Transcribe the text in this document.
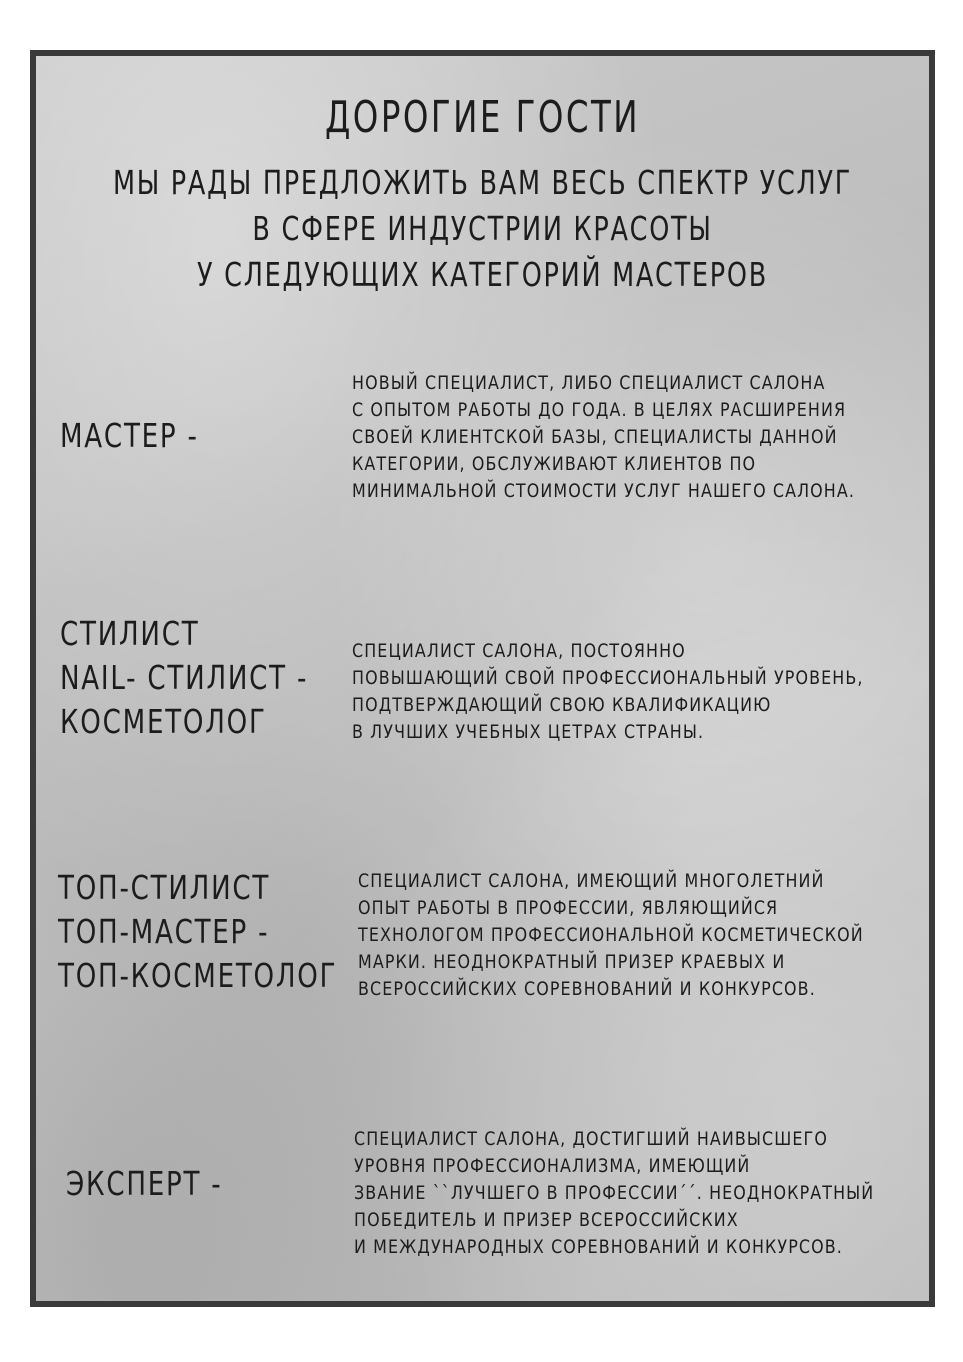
ДОРОГИЕ ГОСТИ
МЫ РАДЫ ПРЕДЛОЖИТЬ ВАМ ВЕСЬ СПЕКТР УСЛУГ
В СФЕРЕ ИНДУСТРИИ КРАСОТЫ
У СЛЕДУЮЩИХ КАТЕГОРИЙ МАСТЕРОВ
МАСТЕР -
НОВЫЙ СПЕЦИАЛИСТ, ЛИБО СПЕЦИАЛИСТ САЛОНА
С ОПЫТОМ РАБОТЫ ДО ГОДА. В ЦЕЛЯХ РАСШИРЕНИЯ
СВОЕЙ КЛИЕНТСКОЙ БАЗЫ, СПЕЦИАЛИСТЫ ДАННОЙ
КАТЕГОРИИ, ОБСЛУЖИВАЮТ КЛИЕНТОВ ПО
МИНИМАЛЬНОЙ СТОИМОСТИ УСЛУГ НАШЕГО САЛОНА.
СТИЛИСТ
NAIL- СТИЛИСТ -
КОСМЕТОЛОГ
СПЕЦИАЛИСТ САЛОНА, ПОСТОЯННО
ПОВЫШАЮЩИЙ СВОЙ ПРОФЕССИОНАЛЬНЫЙ УРОВЕНЬ,
ПОДТВЕРЖДАЮЩИЙ СВОЮ КВАЛИФИКАЦИЮ
В ЛУЧШИХ УЧЕБНЫХ ЦЕТРАХ СТРАНЫ.
ТОП-СТИЛИСТ
ТОП-МАСТЕР -
ТОП-КОСМЕТОЛОГ
СПЕЦИАЛИСТ САЛОНА, ИМЕЮЩИЙ МНОГОЛЕТНИЙ
ОПЫТ РАБОТЫ В ПРОФЕССИИ, ЯВЛЯЮЩИЙСЯ
ТЕХНОЛОГОМ ПРОФЕССИОНАЛЬНОЙ КОСМЕТИЧЕСКОЙ
МАРКИ. НЕОДНОКРАТНЫЙ ПРИЗЕР КРАЕВЫХ И
ВСЕРОССИЙСКИХ СОРЕВНОВАНИЙ И КОНКУРСОВ.
ЭКСПЕРТ -
СПЕЦИАЛИСТ САЛОНА, ДОСТИГШИЙ НАИВЫСШЕГО
УРОВНЯ ПРОФЕССИОНАЛИЗМА, ИМЕЮЩИЙ
ЗВАНИЕ ``ЛУЧШЕГО В ПРОФЕССИИ´´. НЕОДНОКРАТНЫЙ
ПОБЕДИТЕЛЬ И ПРИЗЕР ВСЕРОССИЙСКИХ
И МЕЖДУНАРОДНЫХ СОРЕВНОВАНИЙ И КОНКУРСОВ.
